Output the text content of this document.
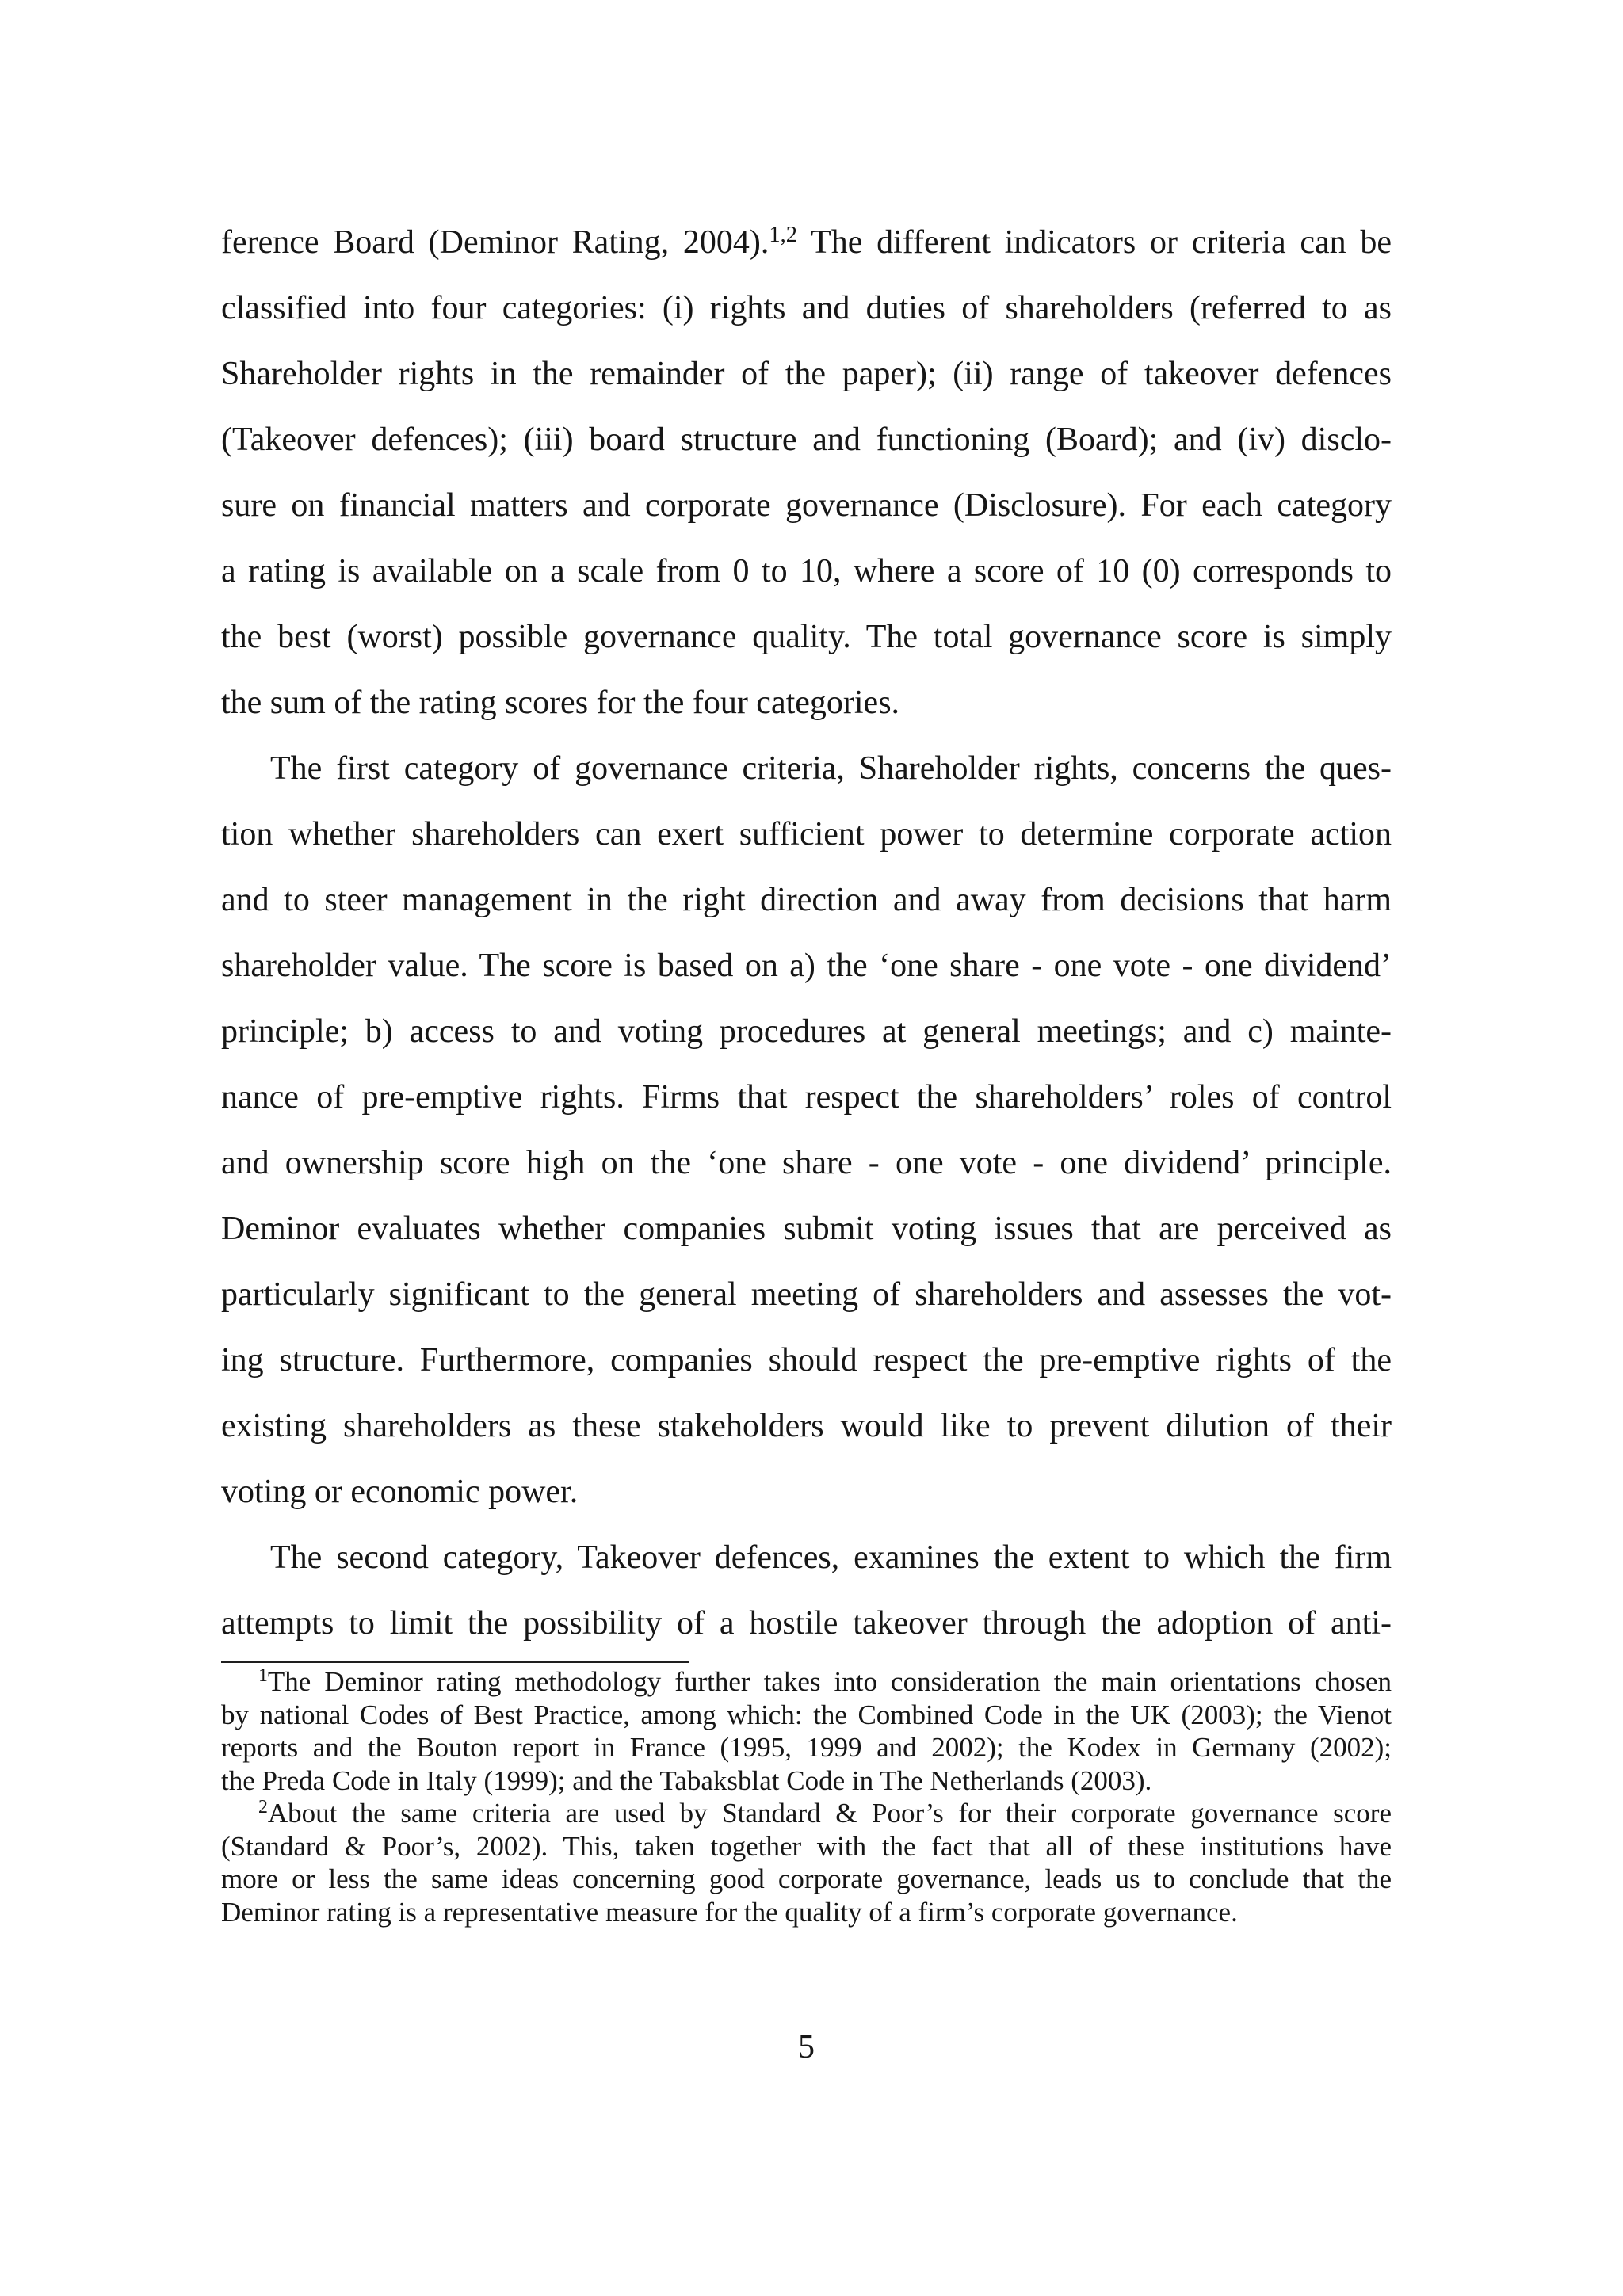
ference Board (Deminor Rating, 2004).$^{1,2}$ The different indicators or criteria can be
classified into four categories: (i) rights and duties of shareholders (referred to as
Shareholder rights in the remainder of the paper); (ii) range of takeover defences
(Takeover defences); (iii) board structure and functioning (Board); and (iv) disclo-
sure on financial matters and corporate governance (Disclosure). For each category
a rating is available on a scale from 0 to 10, where a score of 10 (0) corresponds to
the best (worst) possible governance quality. The total governance score is simply
the sum of the rating scores for the four categories.
The first category of governance criteria, Shareholder rights, concerns the ques-
tion whether shareholders can exert sufficient power to determine corporate action
and to steer management in the right direction and away from decisions that harm
shareholder value. The score is based on a) the ‘one share - one vote - one dividend’
principle; b) access to and voting procedures at general meetings; and c) mainte-
nance of pre-emptive rights. Firms that respect the shareholders’ roles of control
and ownership score high on the ‘one share - one vote - one dividend’ principle.
Deminor evaluates whether companies submit voting issues that are perceived as
particularly significant to the general meeting of shareholders and assesses the vot-
ing structure. Furthermore, companies should respect the pre-emptive rights of the
existing shareholders as these stakeholders would like to prevent dilution of their
voting or economic power.
The second category, Takeover defences, examines the extent to which the firm
attempts to limit the possibility of a hostile takeover through the adoption of anti-
$^1$The Deminor rating methodology further takes into consideration the main orientations chosen
by national Codes of Best Practice, among which: the Combined Code in the UK (2003); the Vienot
reports and the Bouton report in France (1995, 1999 and 2002); the Kodex in Germany (2002);
the Preda Code in Italy (1999); and the Tabaksblat Code in The Netherlands (2003).
$^2$About the same criteria are used by Standard & Poor’s for their corporate governance score
(Standard & Poor’s, 2002). This, taken together with the fact that all of these institutions have
more or less the same ideas concerning good corporate governance, leads us to conclude that the
Deminor rating is a representative measure for the quality of a firm’s corporate governance.
5
